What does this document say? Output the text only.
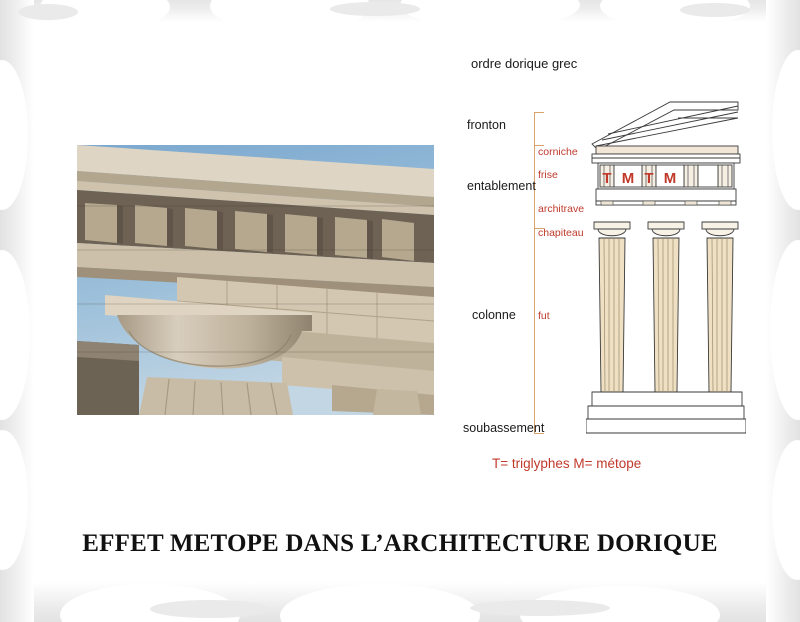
ordre dorique grec
fronton
entablement
colonne
soubassement
corniche
frise
architrave
chapiteau
fut
T M T M
T= triglyphes M= métope
EFFET METOPE DANS L’ARCHITECTURE DORIQUE
